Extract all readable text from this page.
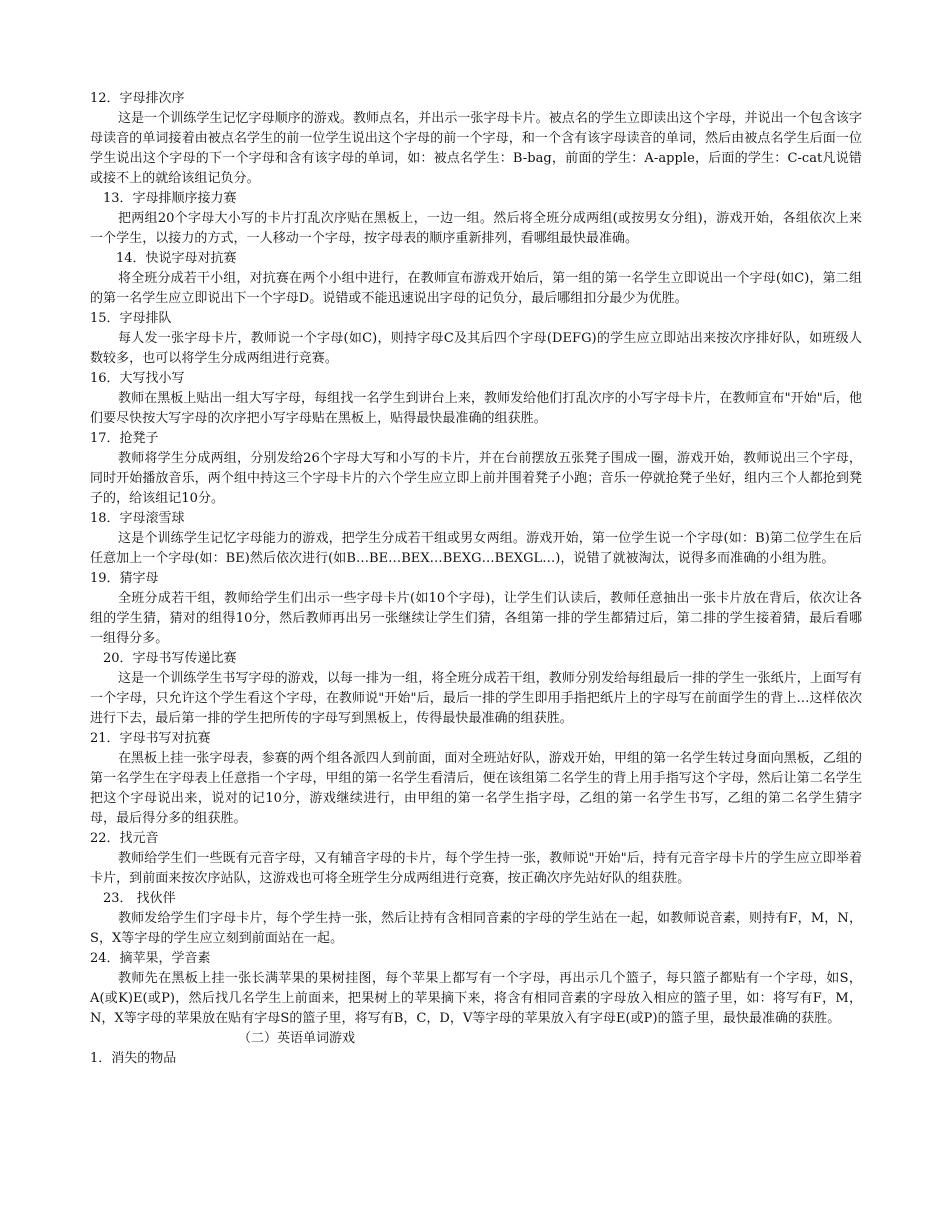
12．字母排次序

这是一个训练学生记忆字母顺序的游戏。教师点名，并出示一张字母卡片。被点名的学生立即读出这个字母，并说出一个包含该字母读音的单词接着由被点名学生的前一位学生说出这个字母的前一个字母，和一个含有该字母读音的单词，然后由被点名学生后面一位学生说出这个字母的下一个字母和含有该字母的单词，如：被点名学生：B-bag，前面的学生：A-apple，后面的学生：C-cat凡说错或接不上的就给该组记负分。

13．字母排顺序接力赛

把两组20个字母大小写的卡片打乱次序贴在黑板上，一边一组。然后将全班分成两组(或按男女分组)，游戏开始，各组依次上来一个学生，以接力的方式，一人移动一个字母，按字母表的顺序重新排列，看哪组最快最准确。

14．快说字母对抗赛

将全班分成若干小组，对抗赛在两个小组中进行，在教师宣布游戏开始后，第一组的第一名学生立即说出一个字母(如C)，第二组的第一名学生应立即说出下一个字母D。说错或不能迅速说出字母的记负分，最后哪组扣分最少为优胜。

15．字母排队

每人发一张字母卡片，教师说一个字母(如C)，则持字母C及其后四个字母(DEFG)的学生应立即站出来按次序排好队，如班级人数较多，也可以将学生分成两组进行竞赛。

16．大写找小写

教师在黑板上贴出一组大写字母，每组找一名学生到讲台上来，教师发给他们打乱次序的小写字母卡片，在教师宣布"开始"后，他们要尽快按大写字母的次序把小写字母贴在黑板上，贴得最快最准确的组获胜。

17．抢凳子

教师将学生分成两组，分别发给26个字母大写和小写的卡片，并在台前摆放五张凳子围成一圈，游戏开始，教师说出三个字母，同时开始播放音乐，两个组中持这三个字母卡片的六个学生应立即上前并围着凳子小跑；音乐一停就抢凳子坐好，组内三个人都抢到凳子的，给该组记10分。

18．字母滚雪球

这是个训练学生记忆字母能力的游戏，把学生分成若干组或男女两组。游戏开始，第一位学生说一个字母(如：B)第二位学生在后任意加上一个字母(如：BE)然后依次进行(如B…BE…BEX…BEXG…BEXGL…)，说错了就被淘汰，说得多而准确的小组为胜。

19．猜字母

全班分成若干组，教师给学生们出示一些字母卡片(如10个字母)，让学生们认读后，教师任意抽出一张卡片放在背后，依次让各组的学生猜，猜对的组得10分，然后教师再出另一张继续让学生们猜，各组第一排的学生都猜过后，第二排的学生接着猜，最后看哪一组得分多。

20．字母书写传递比赛

这是一个训练学生书写字母的游戏，以每一排为一组，将全班分成若干组，教师分别发给每组最后一排的学生一张纸片，上面写有一个字母，只允许这个学生看这个字母，在教师说"开始"后，最后一排的学生即用手指把纸片上的字母写在前面学生的背上…这样依次进行下去，最后第一排的学生把所传的字母写到黑板上，传得最快最准确的组获胜。

21．字母书写对抗赛

在黑板上挂一张字母表，参赛的两个组各派四人到前面，面对全班站好队，游戏开始，甲组的第一名学生转过身面向黑板，乙组的第一名学生在字母表上任意指一个字母，甲组的第一名学生看清后，便在该组第二名学生的背上用手指写这个字母，然后让第二名学生把这个字母说出来，说对的记10分，游戏继续进行，由甲组的第一名学生指字母，乙组的第一名学生书写，乙组的第二名学生猜字母，最后得分多的组获胜。

22．找元音

教师给学生们一些既有元音字母，又有辅音字母的卡片，每个学生持一张，教师说"开始"后，持有元音字母卡片的学生应立即举着卡片，到前面来按次序站队，这游戏也可将全班学生分成两组进行竞赛，按正确次序先站好队的组获胜。

23． 找伙伴

教师发给学生们字母卡片，每个学生持一张，然后让持有含相同音素的字母的学生站在一起，如教师说音素，则持有F，M，N，S，X等字母的学生应立刻到前面站在一起。

24．摘苹果，学音素

教师先在黑板上挂一张长满苹果的果树挂图，每个苹果上都写有一个字母，再出示几个篮子，每只篮子都贴有一个字母，如S，A(或K)E(或P)，然后找几名学生上前面来，把果树上的苹果摘下来，将含有相同音素的字母放入相应的篮子里，如：将写有F，M，N，X等字母的苹果放在贴有字母S的篮子里，将写有B，C，D，V等字母的苹果放入有字母E(或P)的篮子里，最快最准确的获胜。

（二）英语单词游戏
1．消失的物品
